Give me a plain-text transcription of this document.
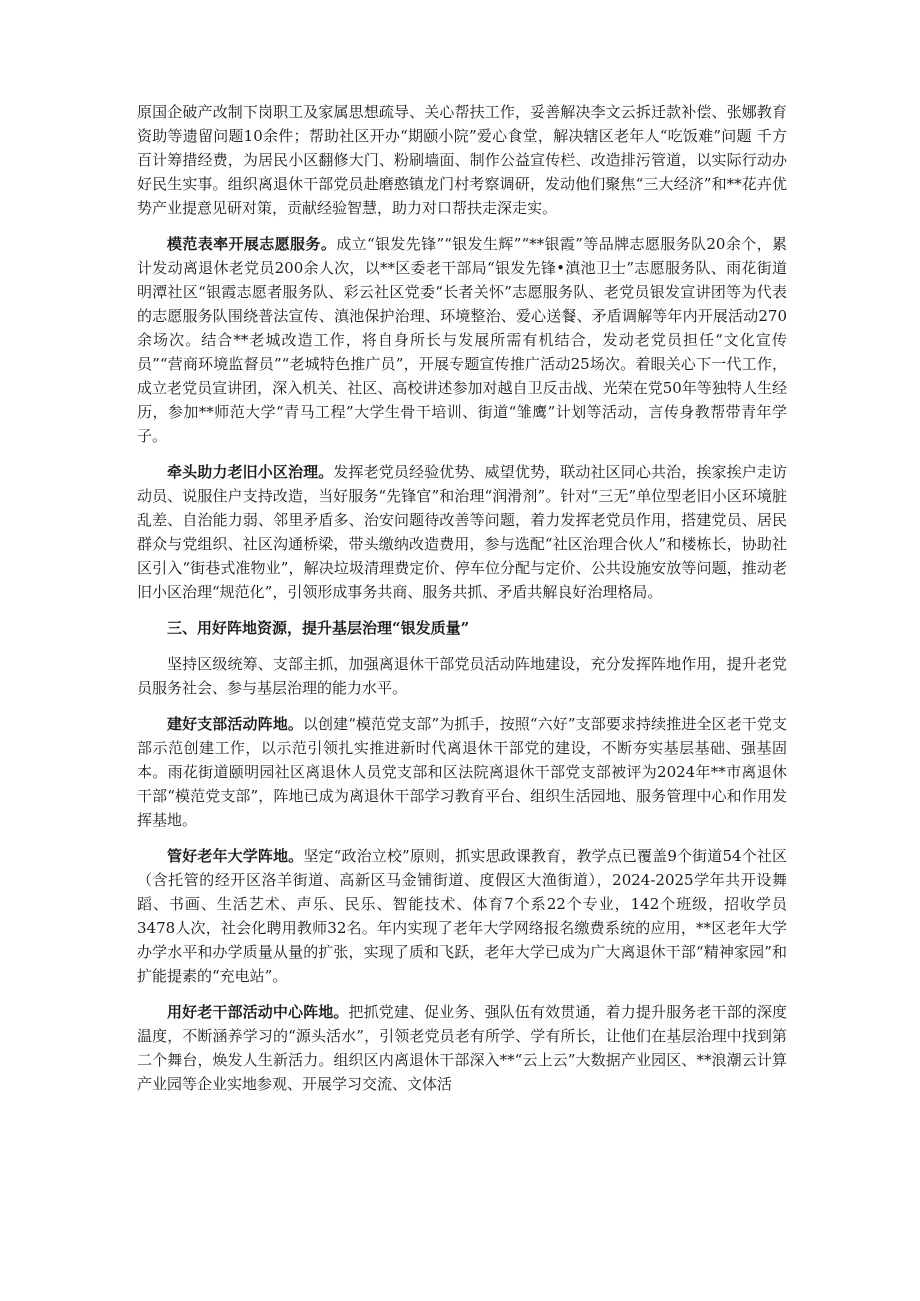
原国企破产改制下岗职工及家属思想疏导、关心帮扶工作，妥善解决李文云拆迁款补偿、张娜教育资助等遗留问题10余件；帮助社区开办“期颐小院”爱心食堂，解决辖区老年人“吃饭难”问题 千方百计筹措经费，为居民小区翻修大门、粉刷墙面、制作公益宣传栏、改造排污管道，以实际行动办好民生实事。组织离退休干部党员赴磨憨镇龙门村考察调研，发动他们聚焦“三大经济”和**花卉优势产业提意见研对策，贡献经验智慧，助力对口帮扶走深走实。

模范表率开展志愿服务。成立“银发先锋”“银发生辉”“**银霞”等品牌志愿服务队20余个，累计发动离退休老党员200余人次，以**区委老干部局“银发先锋•滇池卫士”志愿服务队、雨花街道明潭社区“银霞志愿者服务队、彩云社区党委“长者关怀”志愿服务队、老党员银发宣讲团等为代表的志愿服务队围绕普法宣传、滇池保护治理、环境整治、爱心送餐、矛盾调解等年内开展活动270余场次。结合**老城改造工作，将自身所长与发展所需有机结合，发动老党员担任“文化宣传员”“营商环境监督员”“老城特色推广员”，开展专题宣传推广活动25场次。着眼关心下一代工作，成立老党员宣讲团，深入机关、社区、高校讲述参加对越自卫反击战、光荣在党50年等独特人生经历，参加**师范大学“青马工程”大学生骨干培训、街道“雏鹰”计划等活动，言传身教帮带青年学子。

牵头助力老旧小区治理。发挥老党员经验优势、威望优势，联动社区同心共治，挨家挨户走访动员、说服住户支持改造，当好服务“先锋官”和治理“润滑剂”。针对“三无”单位型老旧小区环境脏乱差、自治能力弱、邻里矛盾多、治安问题待改善等问题，着力发挥老党员作用，搭建党员、居民群众与党组织、社区沟通桥梁，带头缴纳改造费用，参与选配“社区治理合伙人”和楼栋长，协助社区引入“街巷式准物业”，解决垃圾清理费定价、停车位分配与定价、公共设施安放等问题，推动老旧小区治理“规范化”，引领形成事务共商、服务共抓、矛盾共解良好治理格局。

三、用好阵地资源，提升基层治理“银发质量”

坚持区级统筹、支部主抓，加强离退休干部党员活动阵地建设，充分发挥阵地作用，提升老党员服务社会、参与基层治理的能力水平。

建好支部活动阵地。以创建“模范党支部”为抓手，按照“六好”支部要求持续推进全区老干党支部示范创建工作，以示范引领扎实推进新时代离退休干部党的建设，不断夯实基层基础、强基固本。雨花街道颐明园社区离退休人员党支部和区法院离退休干部党支部被评为2024年**市离退休干部“模范党支部”，阵地已成为离退休干部学习教育平台、组织生活园地、服务管理中心和作用发挥基地。

管好老年大学阵地。坚定“政治立校”原则，抓实思政课教育，教学点已覆盖9个街道54个社区（含托管的经开区洛羊街道、高新区马金铺街道、度假区大渔街道），2024-2025学年共开设舞蹈、书画、生活艺术、声乐、民乐、智能技术、体育7个系22个专业，142个班级，招收学员3478人次，社会化聘用教师32名。年内实现了老年大学网络报名缴费系统的应用，**区老年大学办学水平和办学质量从量的扩张，实现了质和飞跃，老年大学已成为广大离退休干部“精神家园”和扩能提素的“充电站”。

用好老干部活动中心阵地。把抓党建、促业务、强队伍有效贯通，着力提升服务老干部的深度温度，不断涵养学习的“源头活水”，引领老党员老有所学、学有所长，让他们在基层治理中找到第二个舞台，焕发人生新活力。组织区内离退休干部深入**“云上云”大数据产业园区、**浪潮云计算产业园等企业实地参观、开展学习交流、文体活
